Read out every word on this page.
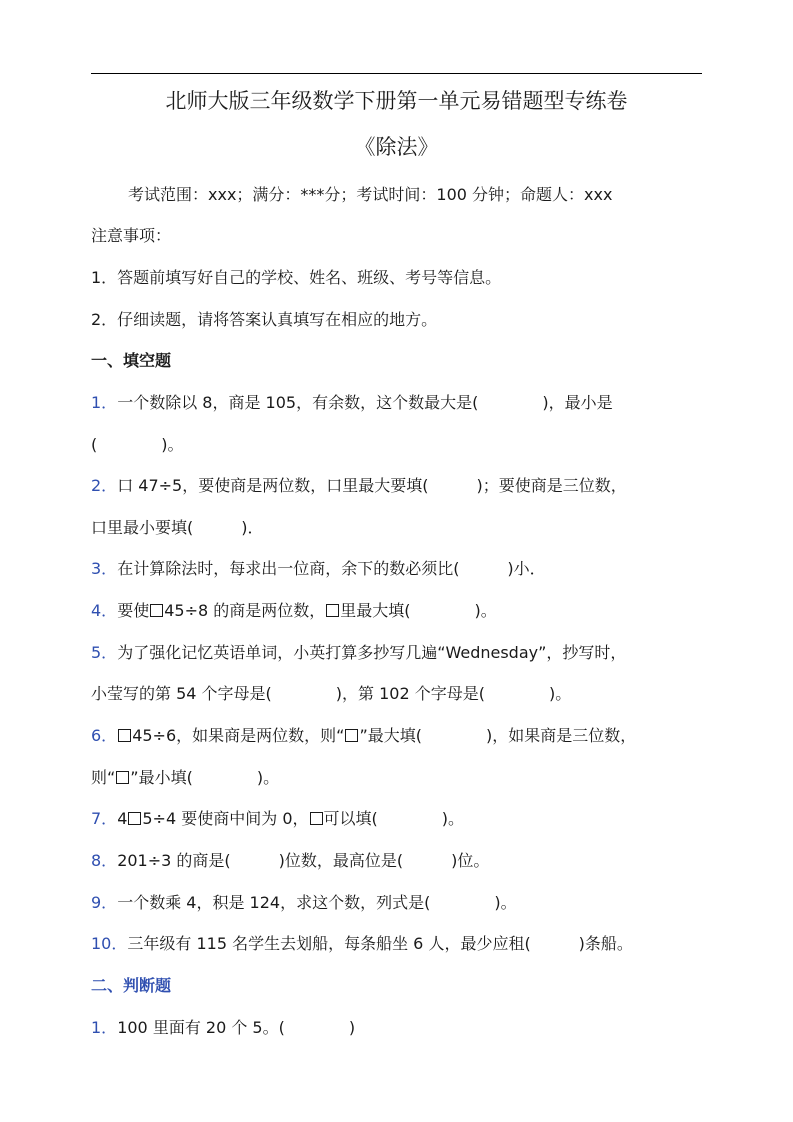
北师大版三年级数学下册第一单元易错题型专练卷
《除法》
考试范围：xxx；满分：***分；考试时间：100 分钟；命题人：xxx
注意事项：
1．答题前填写好自己的学校、姓名、班级、考号等信息。
2．仔细读题，请将答案认真填写在相应的地方。
一、填空题
1．一个数除以 8，商是 105，有余数，这个数最大是(　　　　)，最小是
(　　　　)。
2．口 47÷5，要使商是两位数，口里最大要填(　　　)；要使商是三位数，
口里最小要填(　　　)．
3．在计算除法时，每求出一位商，余下的数必须比(　　　)小．
4．要使 45÷8 的商是两位数， 里最大填(　　　　)。
5．为了强化记忆英语单词，小英打算多抄写几遍“Wednesday”，抄写时，
小莹写的第 54 个字母是(　　　　)，第 102 个字母是(　　　　)。
6． 45÷6，如果商是两位数，则“ ”最大填(　　　　)，如果商是三位数，
则“ ”最小填(　　　　)。
7．4 5÷4 要使商中间为 0， 可以填(　　　　)。
8．201÷3 的商是(　　　)位数，最高位是(　　　)位。
9．一个数乘 4，积是 124，求这个数，列式是(　　　　)。
10．三年级有 115 名学生去划船，每条船坐 6 人，最少应租(　　　)条船。
二、判断题
1．100 里面有 20 个 5。(　　　　)
